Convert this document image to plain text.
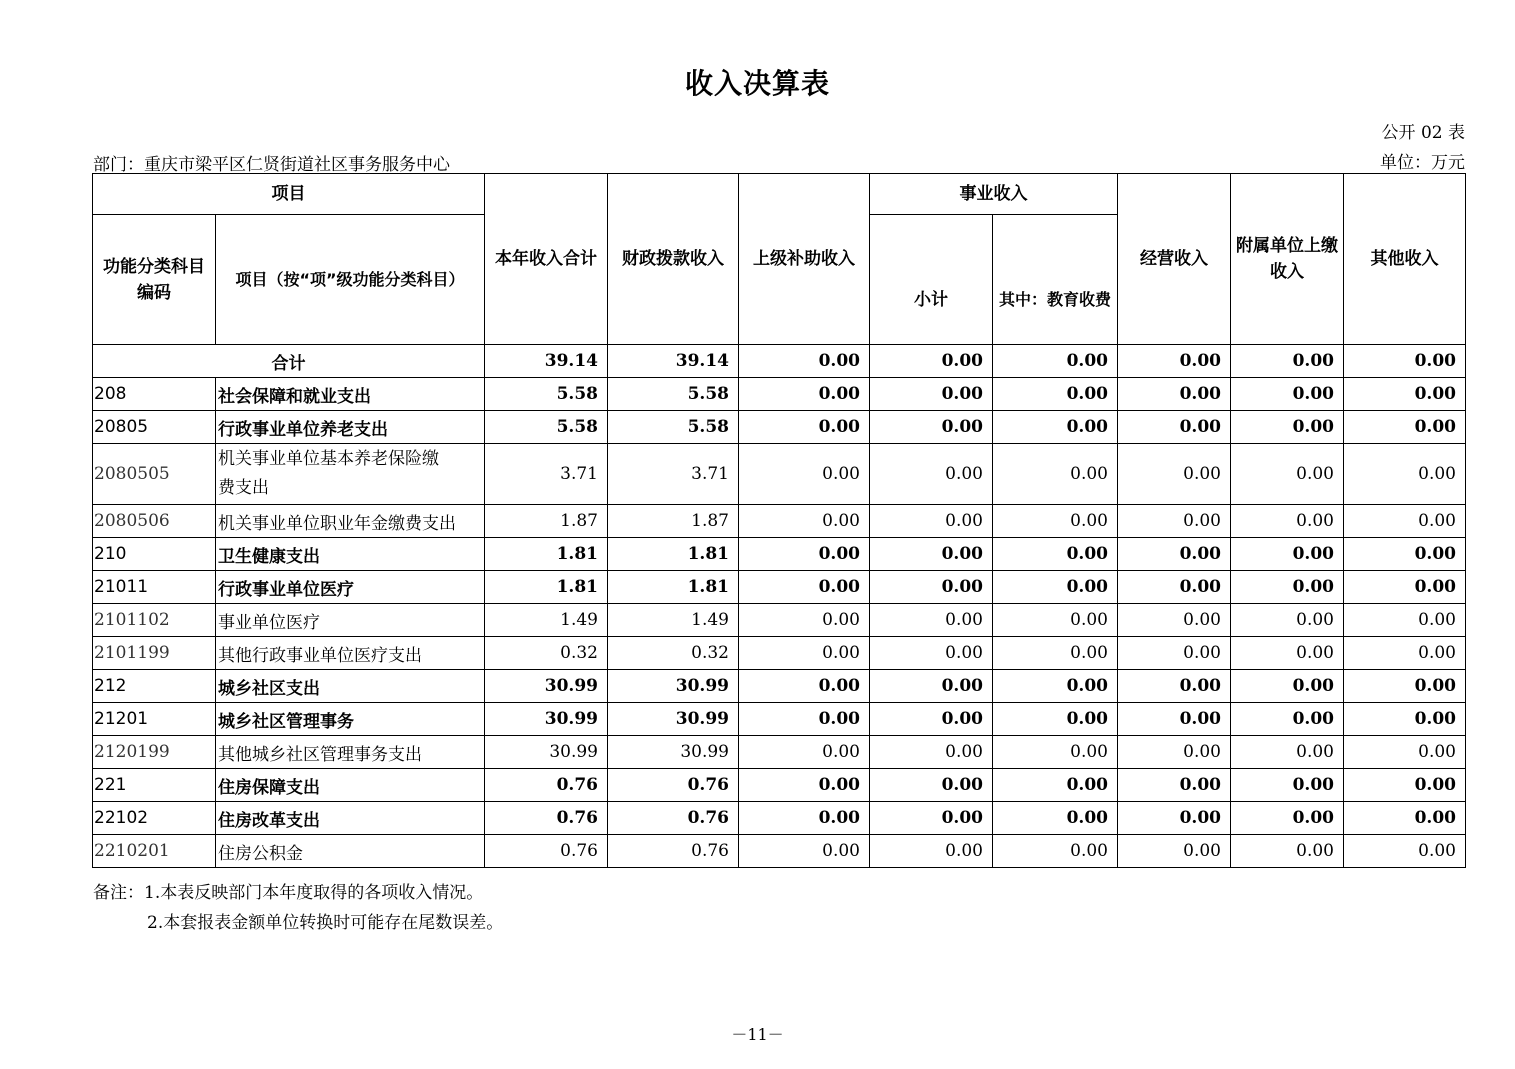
收入决算表
公开 02 表
部门：重庆市梁平区仁贤街道社区事务服务中心	单位：万元
项目		本年收入合计	财政拨款收入	上级补助收入	事业收入		经营收入	附属单位上缴收入	其他收入
功能分类科目编码	项目（按“项”级功能分类科目）				小计	其中：教育收费			
合计		39.14	39.14	0.00	0.00	0.00	0.00	0.00	0.00
208	社会保障和就业支出	5.58	5.58	0.00	0.00	0.00	0.00	0.00	0.00
20805	行政事业单位养老支出	5.58	5.58	0.00	0.00	0.00	0.00	0.00	0.00
2080505	机关事业单位基本养老保险缴费支出	3.71	3.71	0.00	0.00	0.00	0.00	0.00	0.00
2080506	机关事业单位职业年金缴费支出	1.87	1.87	0.00	0.00	0.00	0.00	0.00	0.00
210	卫生健康支出	1.81	1.81	0.00	0.00	0.00	0.00	0.00	0.00
21011	行政事业单位医疗	1.81	1.81	0.00	0.00	0.00	0.00	0.00	0.00
2101102	事业单位医疗	1.49	1.49	0.00	0.00	0.00	0.00	0.00	0.00
2101199	其他行政事业单位医疗支出	0.32	0.32	0.00	0.00	0.00	0.00	0.00	0.00
212	城乡社区支出	30.99	30.99	0.00	0.00	0.00	0.00	0.00	0.00
21201	城乡社区管理事务	30.99	30.99	0.00	0.00	0.00	0.00	0.00	0.00
2120199	其他城乡社区管理事务支出	30.99	30.99	0.00	0.00	0.00	0.00	0.00	0.00
221	住房保障支出	0.76	0.76	0.00	0.00	0.00	0.00	0.00	0.00
22102	住房改革支出	0.76	0.76	0.00	0.00	0.00	0.00	0.00	0.00
2210201	住房公积金	0.76	0.76	0.00	0.00	0.00	0.00	0.00	0.00
备注：1.本表反映部门本年度取得的各项收入情况。
2.本套报表金额单位转换时可能存在尾数误差。
－11－
